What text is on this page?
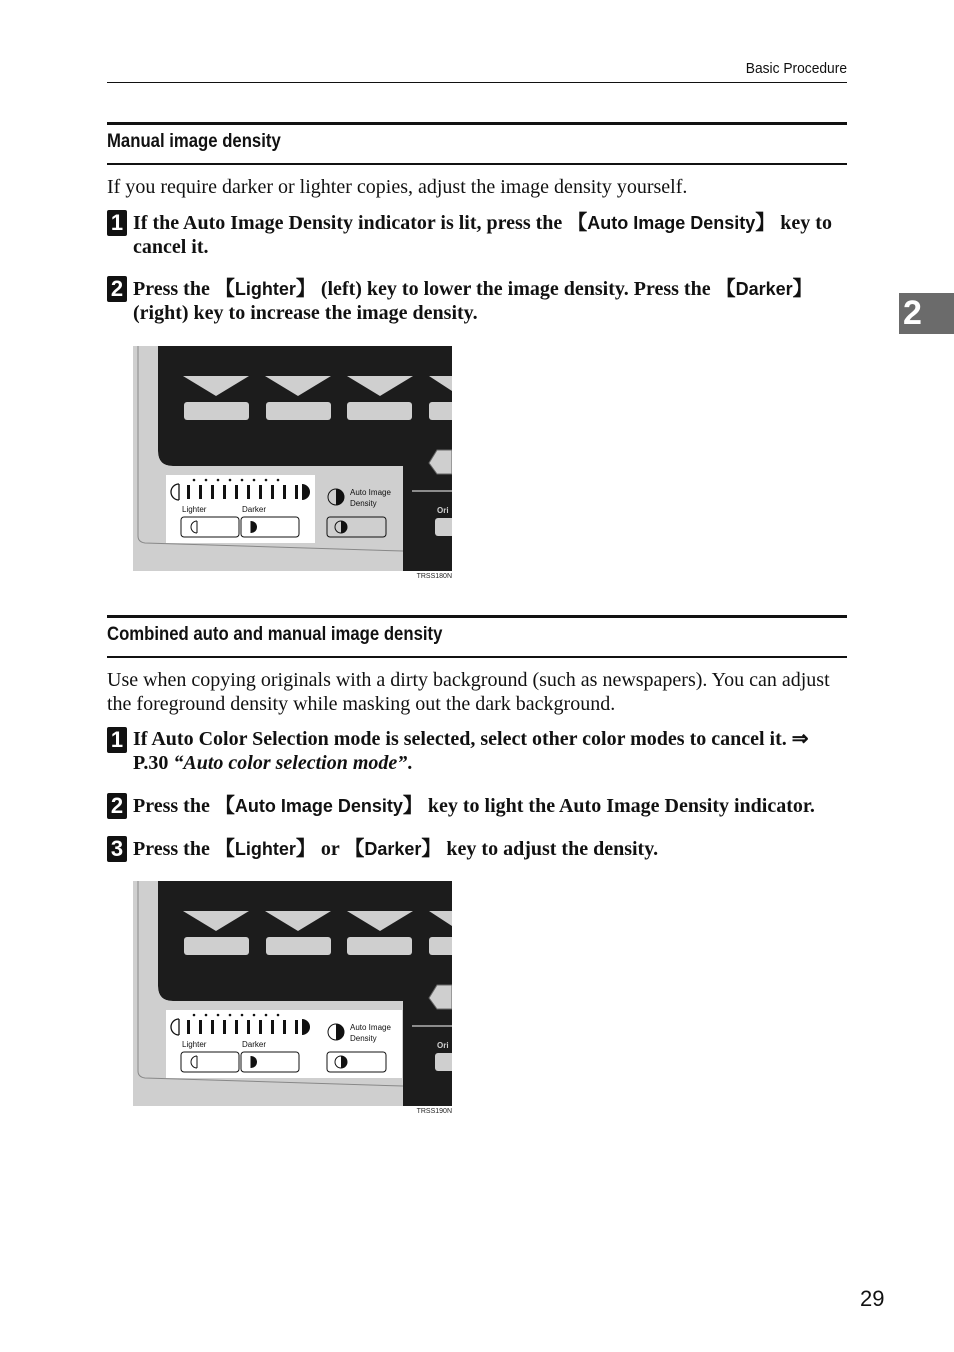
Basic Procedure
2
Manual image density
If you require darker or lighter copies, adjust the image density yourself.
1 If the Auto Image Density indicator is lit, press the 【Auto Image Density】 key to cancel it.
2 Press the 【Lighter】 (left) key to lower the image density. Press the 【Darker】 (right) key to increase the image density.
Ori
Lighter	Darker
Auto Image
Density
TRSS180N
Combined auto and manual image density
Use when copying originals with a dirty background (such as newspapers). You can adjust the foreground density while masking out the dark background.
1 If Auto Color Selection mode is selected, select other color modes to cancel it. ⇒ P.30 “Auto color selection mode”.
2 Press the 【Auto Image Density】 key to light the Auto Image Density indicator.
3 Press the 【Lighter】 or 【Darker】 key to adjust the density.
Ori
Lighter	Darker
Auto Image
Density
TRSS190N
29
